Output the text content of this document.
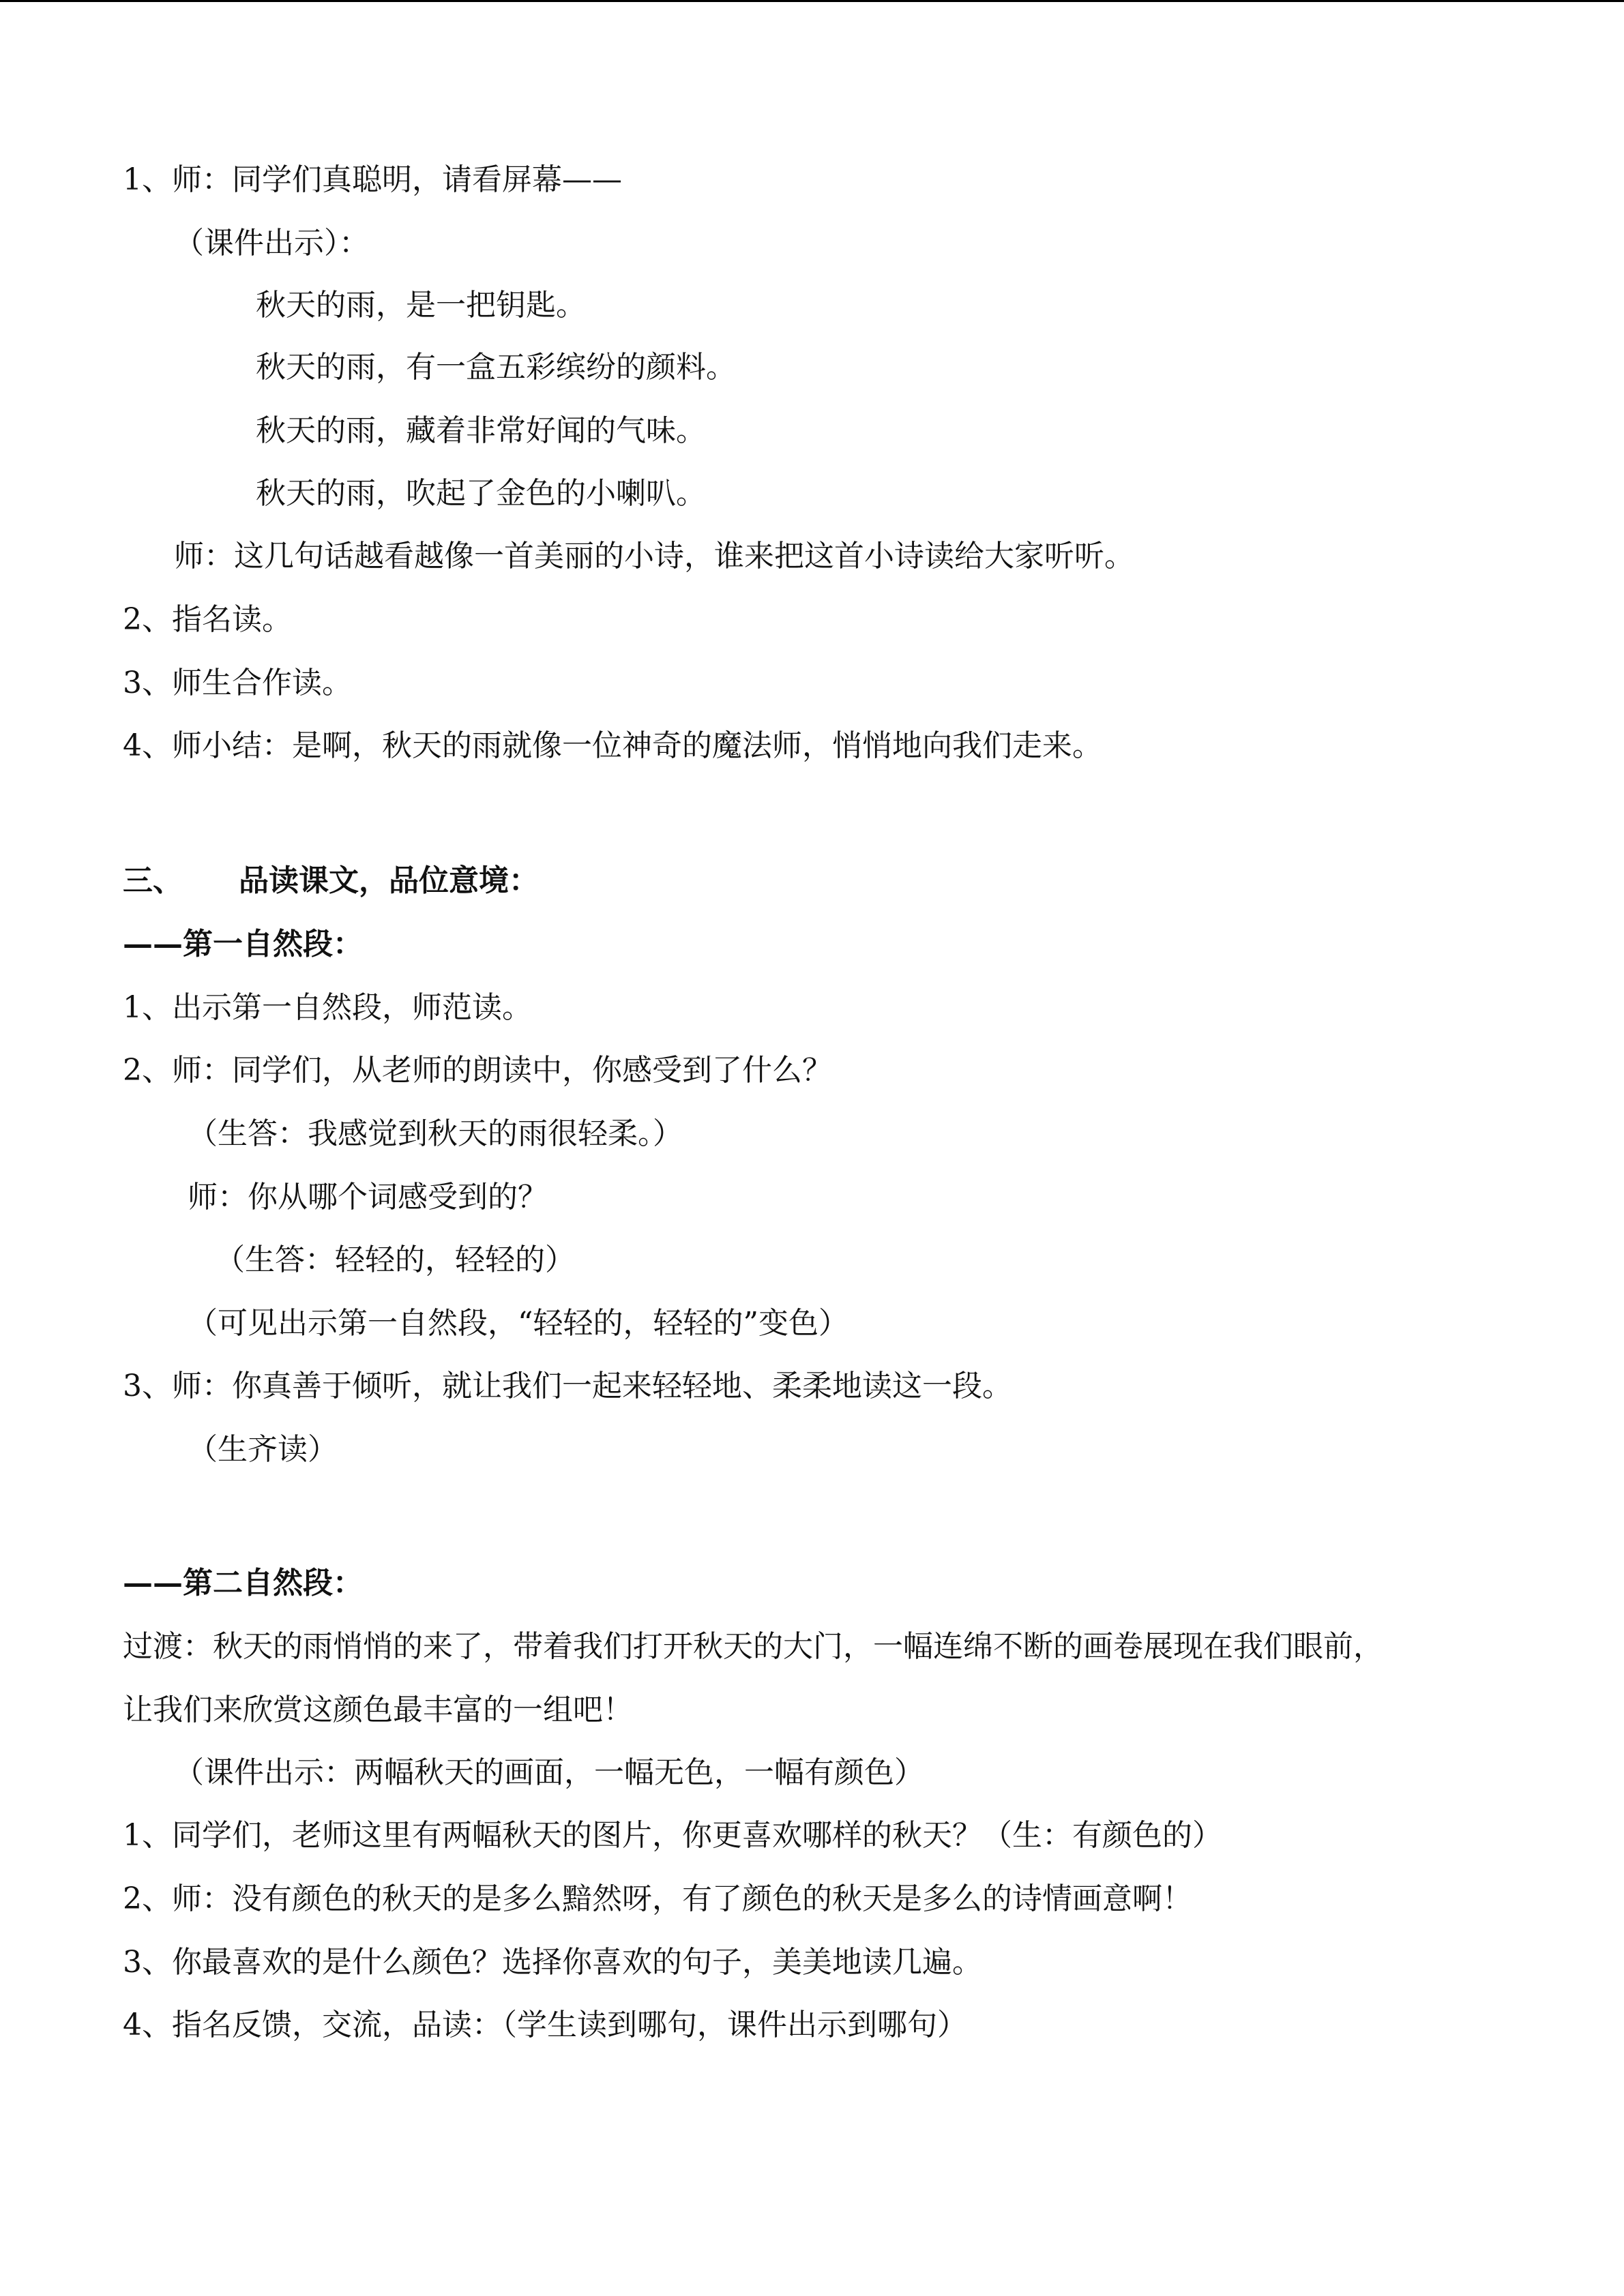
1、师：同学们真聪明，请看屏幕——
（课件出示）：
秋天的雨，是一把钥匙。
秋天的雨，有一盒五彩缤纷的颜料。
秋天的雨，藏着非常好闻的气味。
秋天的雨，吹起了金色的小喇叭。
师：这几句话越看越像一首美丽的小诗，谁来把这首小诗读给大家听听。
2、指名读。
3、师生合作读。
4、师小结：是啊，秋天的雨就像一位神奇的魔法师，悄悄地向我们走来。
三、 品读课文，品位意境：
——第一自然段：
1、出示第一自然段，师范读。
2、师：同学们，从老师的朗读中，你感受到了什么？
（生答：我感觉到秋天的雨很轻柔。）
师：你从哪个词感受到的？
（生答：轻轻的，轻轻的）
（可见出示第一自然段，“轻轻的，轻轻的”变色）
3、师：你真善于倾听，就让我们一起来轻轻地、柔柔地读这一段。
（生齐读）
——第二自然段：
过渡：秋天的雨悄悄的来了，带着我们打开秋天的大门，一幅连绵不断的画卷展现在我们眼前，
让我们来欣赏这颜色最丰富的一组吧！
（课件出示：两幅秋天的画面，一幅无色，一幅有颜色）
1、同学们，老师这里有两幅秋天的图片，你更喜欢哪样的秋天？（生：有颜色的）
2、师：没有颜色的秋天的是多么黯然呀，有了颜色的秋天是多么的诗情画意啊！
3、你最喜欢的是什么颜色？选择你喜欢的句子，美美地读几遍。
4、指名反馈，交流，品读：（学生读到哪句，课件出示到哪句）
